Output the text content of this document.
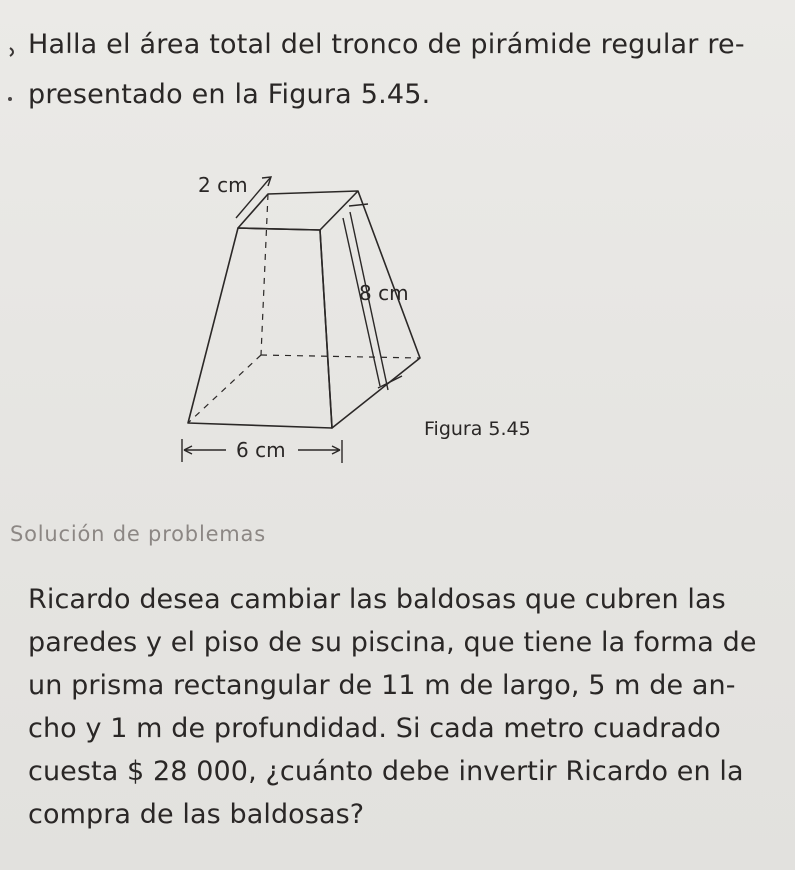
Halla el área total del tronco de pirámide regular re-
presentado en la Figura 5.45.
2 cm
8 cm
6 cm
Figura 5.45
Solución de problemas
Ricardo desea cambiar las baldosas que cubren las
paredes y el piso de su piscina, que tiene la forma de
un prisma rectangular de 11 m de largo, 5 m de an-
cho y 1 m de profundidad. Si cada metro cuadrado
cuesta $ 28 000, ¿cuánto debe invertir Ricardo en la
compra de las baldosas?
